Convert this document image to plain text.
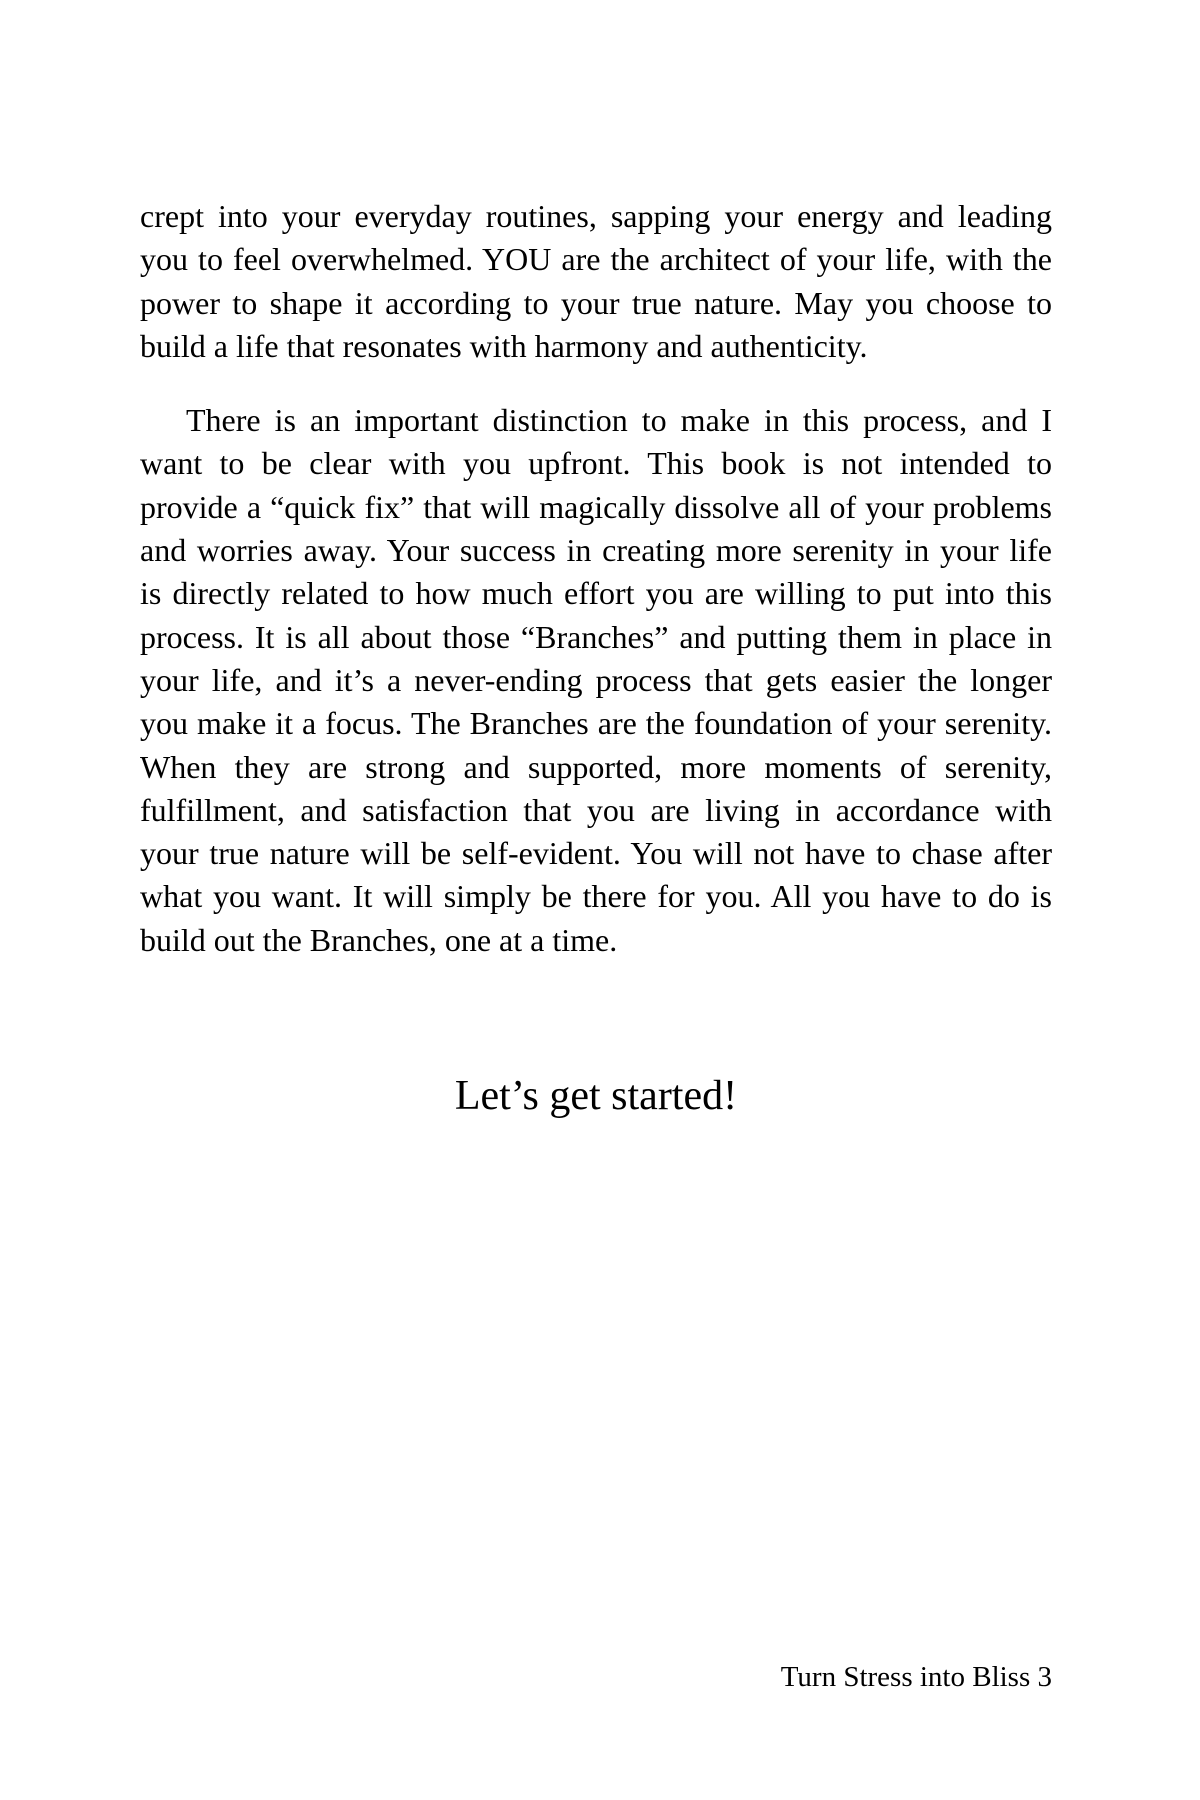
crept into your everyday routines, sapping your energy and leading
you to feel overwhelmed. YOU are the architect of your life, with the
power to shape it according to your true nature. May you choose to
build a life that resonates with harmony and authenticity.

There is an important distinction to make in this process, and I
want to be clear with you upfront. This book is not intended to
provide a “quick fix” that will magically dissolve all of your problems
and worries away. Your success in creating more serenity in your life
is directly related to how much effort you are willing to put into this
process. It is all about those “Branches” and putting them in place in
your life, and it’s a never-ending process that gets easier the longer
you make it a focus. The Branches are the foundation of your serenity.
When they are strong and supported, more moments of serenity,
fulfillment, and satisfaction that you are living in accordance with
your true nature will be self-evident. You will not have to chase after
what you want. It will simply be there for you. All you have to do is
build out the Branches, one at a time.

Let’s get started!
Turn Stress into Bliss 3
